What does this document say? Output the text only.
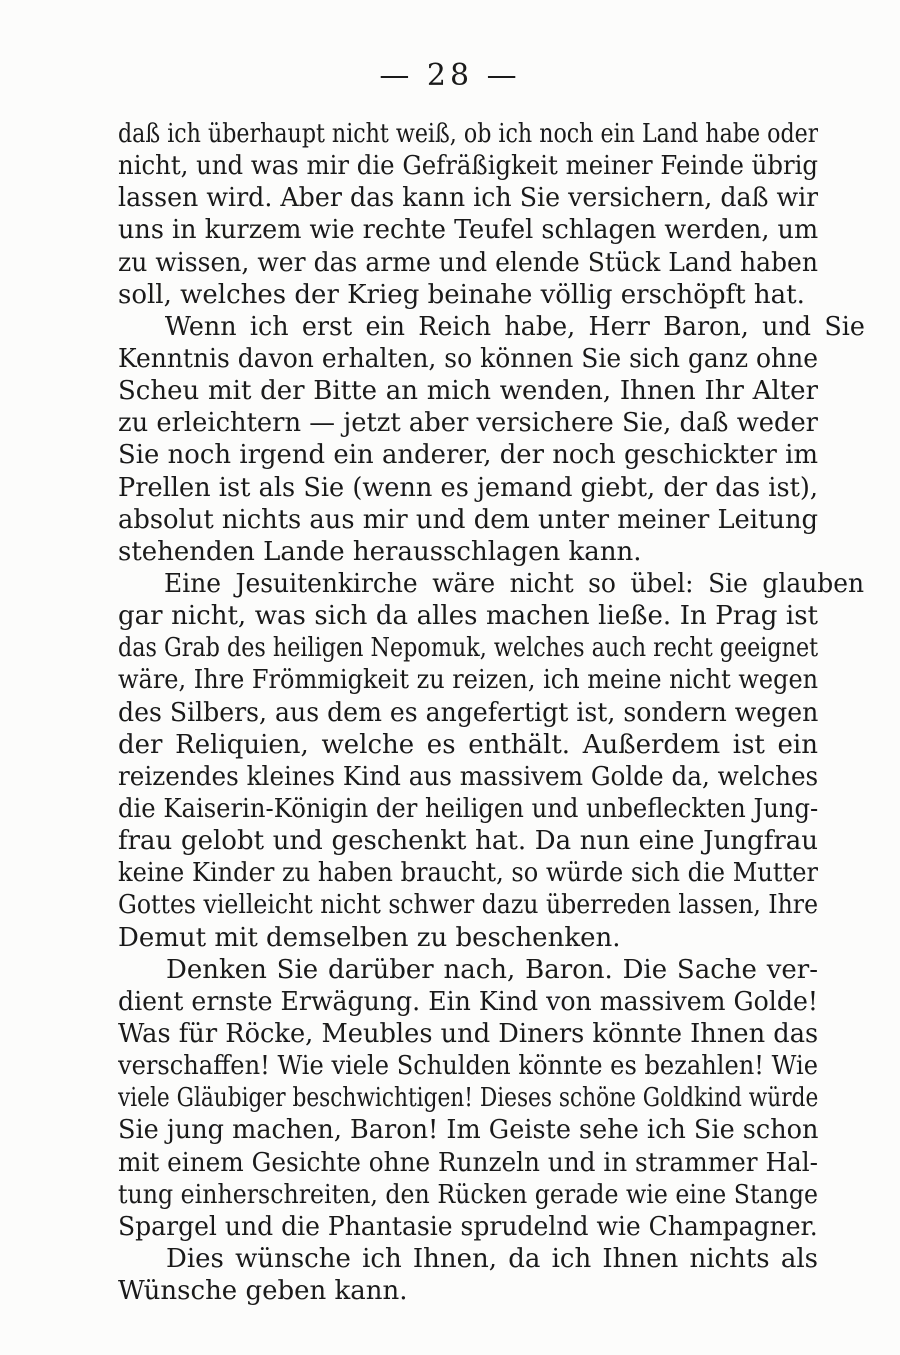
— 28 —
daß ich überhaupt nicht weiß, ob ich noch ein Land habe oder
nicht, und was mir die Gefräßigkeit meiner Feinde übrig
lassen wird. Aber das kann ich Sie versichern, daß wir
uns in kurzem wie rechte Teufel schlagen werden, um
zu wissen, wer das arme und elende Stück Land haben
soll, welches der Krieg beinahe völlig erschöpft hat.
Wenn ich erst ein Reich habe, Herr Baron, und Sie
Kenntnis davon erhalten, so können Sie sich ganz ohne
Scheu mit der Bitte an mich wenden, Ihnen Ihr Alter
zu erleichtern — jetzt aber versichere Sie, daß weder
Sie noch irgend ein anderer, der noch geschickter im
Prellen ist als Sie (wenn es jemand giebt, der das ist),
absolut nichts aus mir und dem unter meiner Leitung
stehenden Lande herausschlagen kann.
Eine Jesuitenkirche wäre nicht so übel: Sie glauben
gar nicht, was sich da alles machen ließe. In Prag ist
das Grab des heiligen Nepomuk, welches auch recht geeignet
wäre, Ihre Frömmigkeit zu reizen, ich meine nicht wegen
des Silbers, aus dem es angefertigt ist, sondern wegen
der Reliquien, welche es enthält. Außerdem ist ein
reizendes kleines Kind aus massivem Golde da, welches
die Kaiserin-Königin der heiligen und unbefleckten Jung-
frau gelobt und geschenkt hat. Da nun eine Jungfrau
keine Kinder zu haben braucht, so würde sich die Mutter
Gottes vielleicht nicht schwer dazu überreden lassen, Ihre
Demut mit demselben zu beschenken.
Denken Sie darüber nach, Baron. Die Sache ver-
dient ernste Erwägung. Ein Kind von massivem Golde!
Was für Röcke, Meubles und Diners könnte Ihnen das
verschaffen! Wie viele Schulden könnte es bezahlen! Wie
viele Gläubiger beschwichtigen! Dieses schöne Goldkind würde
Sie jung machen, Baron! Im Geiste sehe ich Sie schon
mit einem Gesichte ohne Runzeln und in strammer Hal-
tung einherschreiten, den Rücken gerade wie eine Stange
Spargel und die Phantasie sprudelnd wie Champagner.
Dies wünsche ich Ihnen, da ich Ihnen nichts als
Wünsche geben kann.
